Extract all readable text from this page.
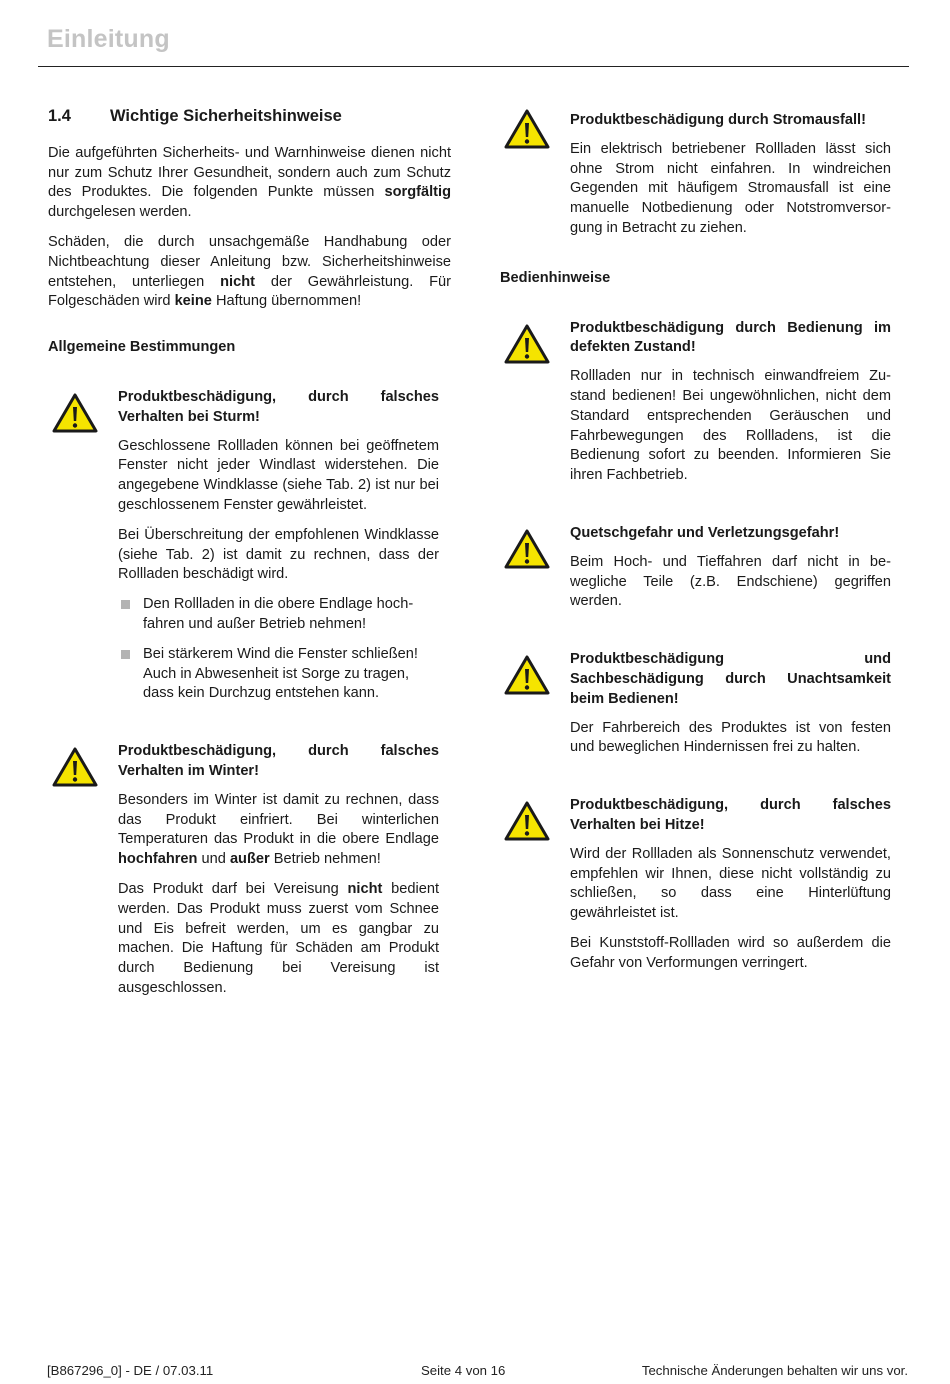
Einleitung
1.4 Wichtige Sicherheitshinweise

Die aufgeführten Sicherheits- und Warnhinweise dienen nicht nur zum Schutz Ihrer Gesundheit, sondern auch zum Schutz des Produktes. Die folgenden Punkte müssen sorgfältig durchgelesen werden.

Schäden, die durch unsachgemäße Handhabung oder Nichtbeachtung dieser Anleitung bzw. Sicherheitshinweise entstehen, unterliegen nicht der Gewährleistung. Für Folgeschäden wird keine Haftung übernommen!

Allgemeine Bestimmungen
Produktbeschädigung, durch falsches
Verhalten bei Sturm!

Geschlossene Rollladen können bei geöffnetem Fenster nicht jeder Windlast widerstehen. Die angegebene Windklasse (siehe Tab. 2) ist nur bei geschlossenem Fenster gewährleistet.

Bei Überschreitung der empfohlenen Windklasse (siehe Tab. 2) ist damit zu rechnen, dass der Rollladen beschädigt wird.

Den Rollladen in die obere Endlage hochfahren und außer Betrieb nehmen!
Bei stärkerem Wind die Fenster schließen! Auch in Abwesenheit ist Sorge zu tragen, dass kein Durchzug entstehen kann.
Produktbeschädigung, durch falsches
Verhalten im Winter!

Besonders im Winter ist damit zu rechnen, dass das Produkt einfriert. Bei winterlichen Temperaturen das Produkt in die obere Endlage hochfahren und außer Betrieb nehmen!

Das Produkt darf bei Vereisung nicht bedient werden. Das Produkt muss zuerst vom Schnee und Eis befreit werden, um es gangbar zu machen. Die Haftung für Schäden am Produkt durch Bedienung bei Vereisung ist ausgeschlossen.

Produktbeschädigung durch Stromausfall!

Ein elektrisch betriebener Rollladen lässt sich ohne Strom nicht einfahren. In windreichen Gegenden mit häufigem Stromausfall ist eine manuelle Notbedienung oder Notstromversorgung in Betracht zu ziehen.

Bedienhinweise
Produktbeschädigung durch Bedienung im defekten Zustand!

Rollladen nur in technisch einwandfreiem Zustand bedienen! Bei ungewöhnlichen, nicht dem Standard entsprechenden Geräuschen und Fahrbewegungen des Rollladens, ist die Bedienung sofort zu beenden. Informieren Sie ihren Fachbetrieb.

Quetschgefahr und Verletzungsgefahr!

Beim Hoch- und Tieffahren darf nicht in bewegliche Teile (z.B. Endschiene) gegriffen werden.

Produktbeschädigung und Sachbeschädigung durch Unachtsamkeit beim Bedienen!

Der Fahrbereich des Produktes ist von festen und beweglichen Hindernissen frei zu halten.

Produktbeschädigung, durch falsches
Verhalten bei Hitze!

Wird der Rollladen als Sonnenschutz verwendet, empfehlen wir Ihnen, diese nicht vollständig zu schließen, so dass eine Hinterlüftung gewährleistet ist.

Bei Kunststoff-Rollladen wird so außerdem die Gefahr von Verformungen verringert.

[B867296_0] - DE / 07.03.11	Seite 4 von 16	Technische Änderungen behalten wir uns vor.
